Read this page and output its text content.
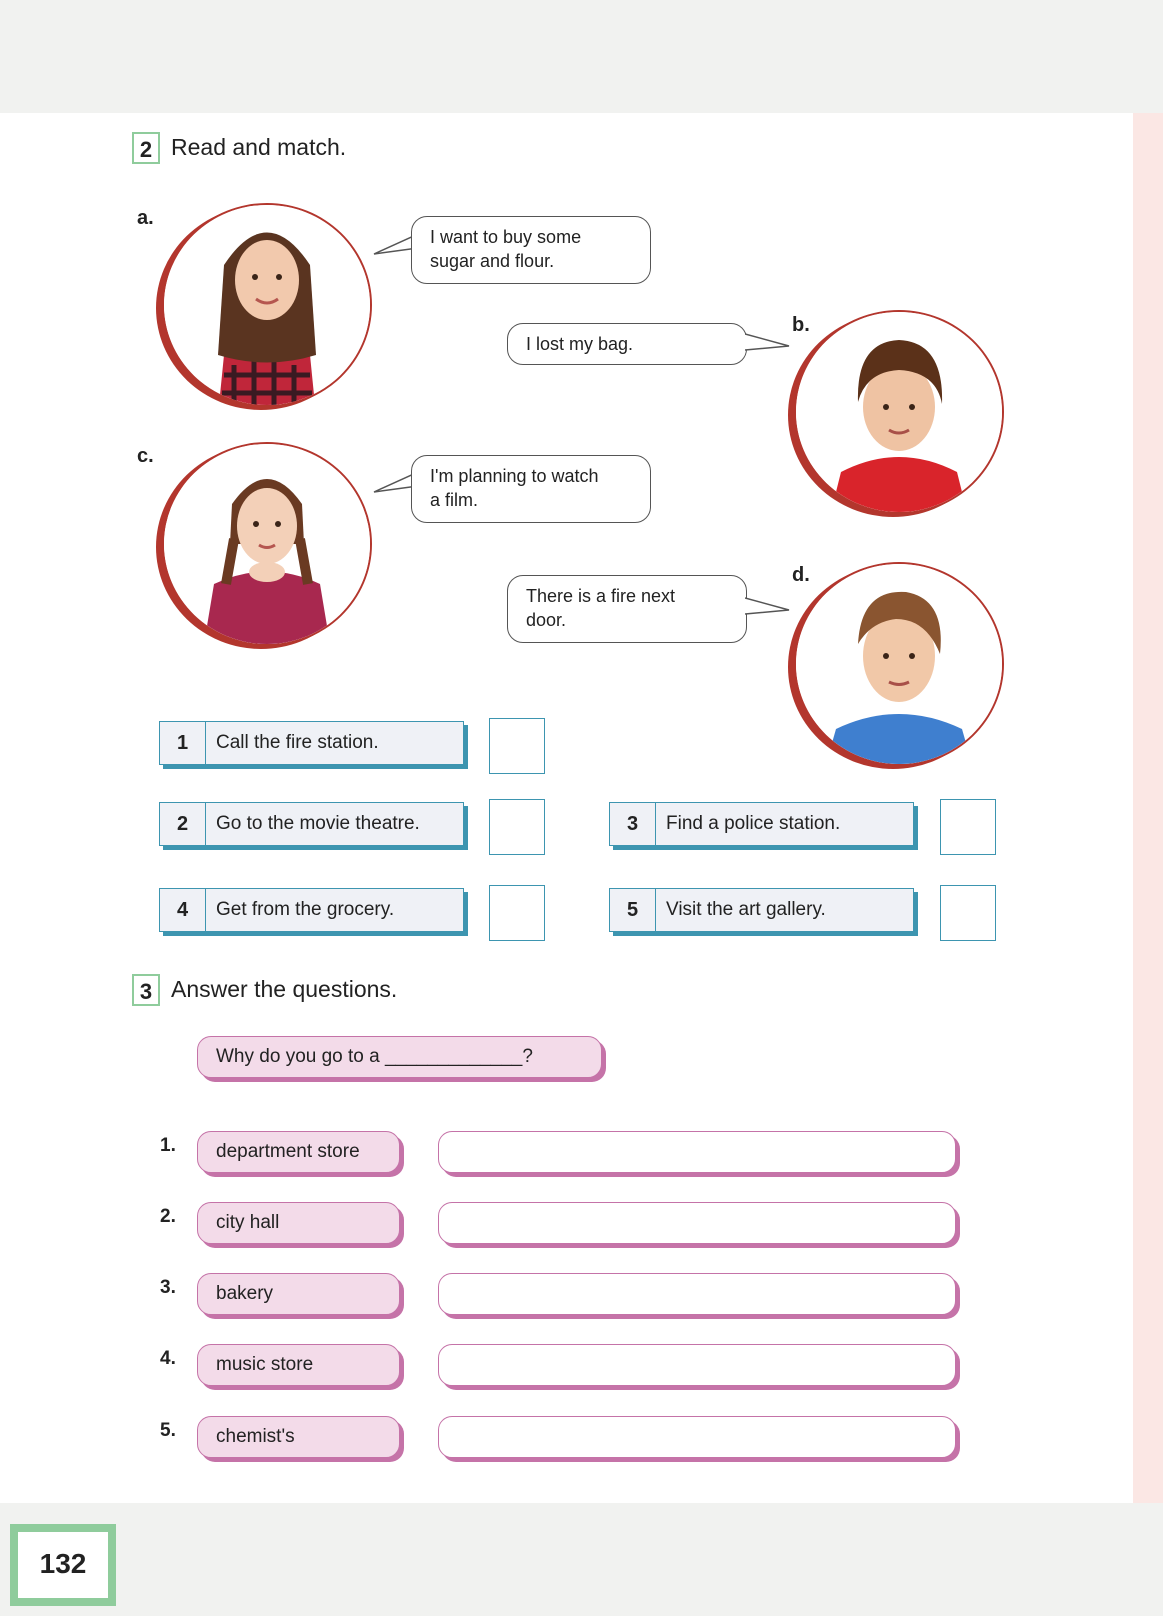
2 Read and match.
a.
I want to buy some
sugar and flour.
I lost my bag.
b.
c.
I'm planning to watch
a film.
There is a fire next
door.
d.
1	Call the fire station.
2	Go to the movie theatre.	3	Find a police station.
4	Get from the grocery.	5	Visit the art gallery.
3 Answer the questions.
Why do you go to a _____________?
1.	department store
2.	city hall
3.	bakery
4.	music store
5.	chemist's
132
